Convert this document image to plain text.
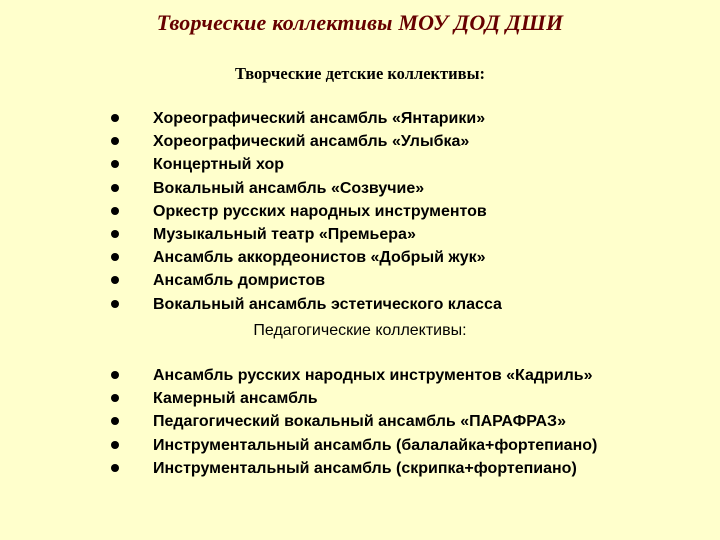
Творческие коллективы МОУ ДОД ДШИ
Творческие детские коллективы:
Хореографический ансамбль «Янтарики»
Хореографический ансамбль «Улыбка»
Концертный хор
Вокальный ансамбль «Созвучие»
Оркестр русских народных инструментов
Музыкальный театр «Премьера»
Ансамбль аккордеонистов «Добрый жук»
Ансамбль домристов
Вокальный ансамбль эстетического класса
Педагогические коллективы:
Ансамбль русских народных инструментов «Кадриль»
Камерный ансамбль
Педагогический вокальный ансамбль «ПАРАФРАЗ»
Инструментальный ансамбль (балалайка+фортепиано)
Инструментальный ансамбль (скрипка+фортепиано)
